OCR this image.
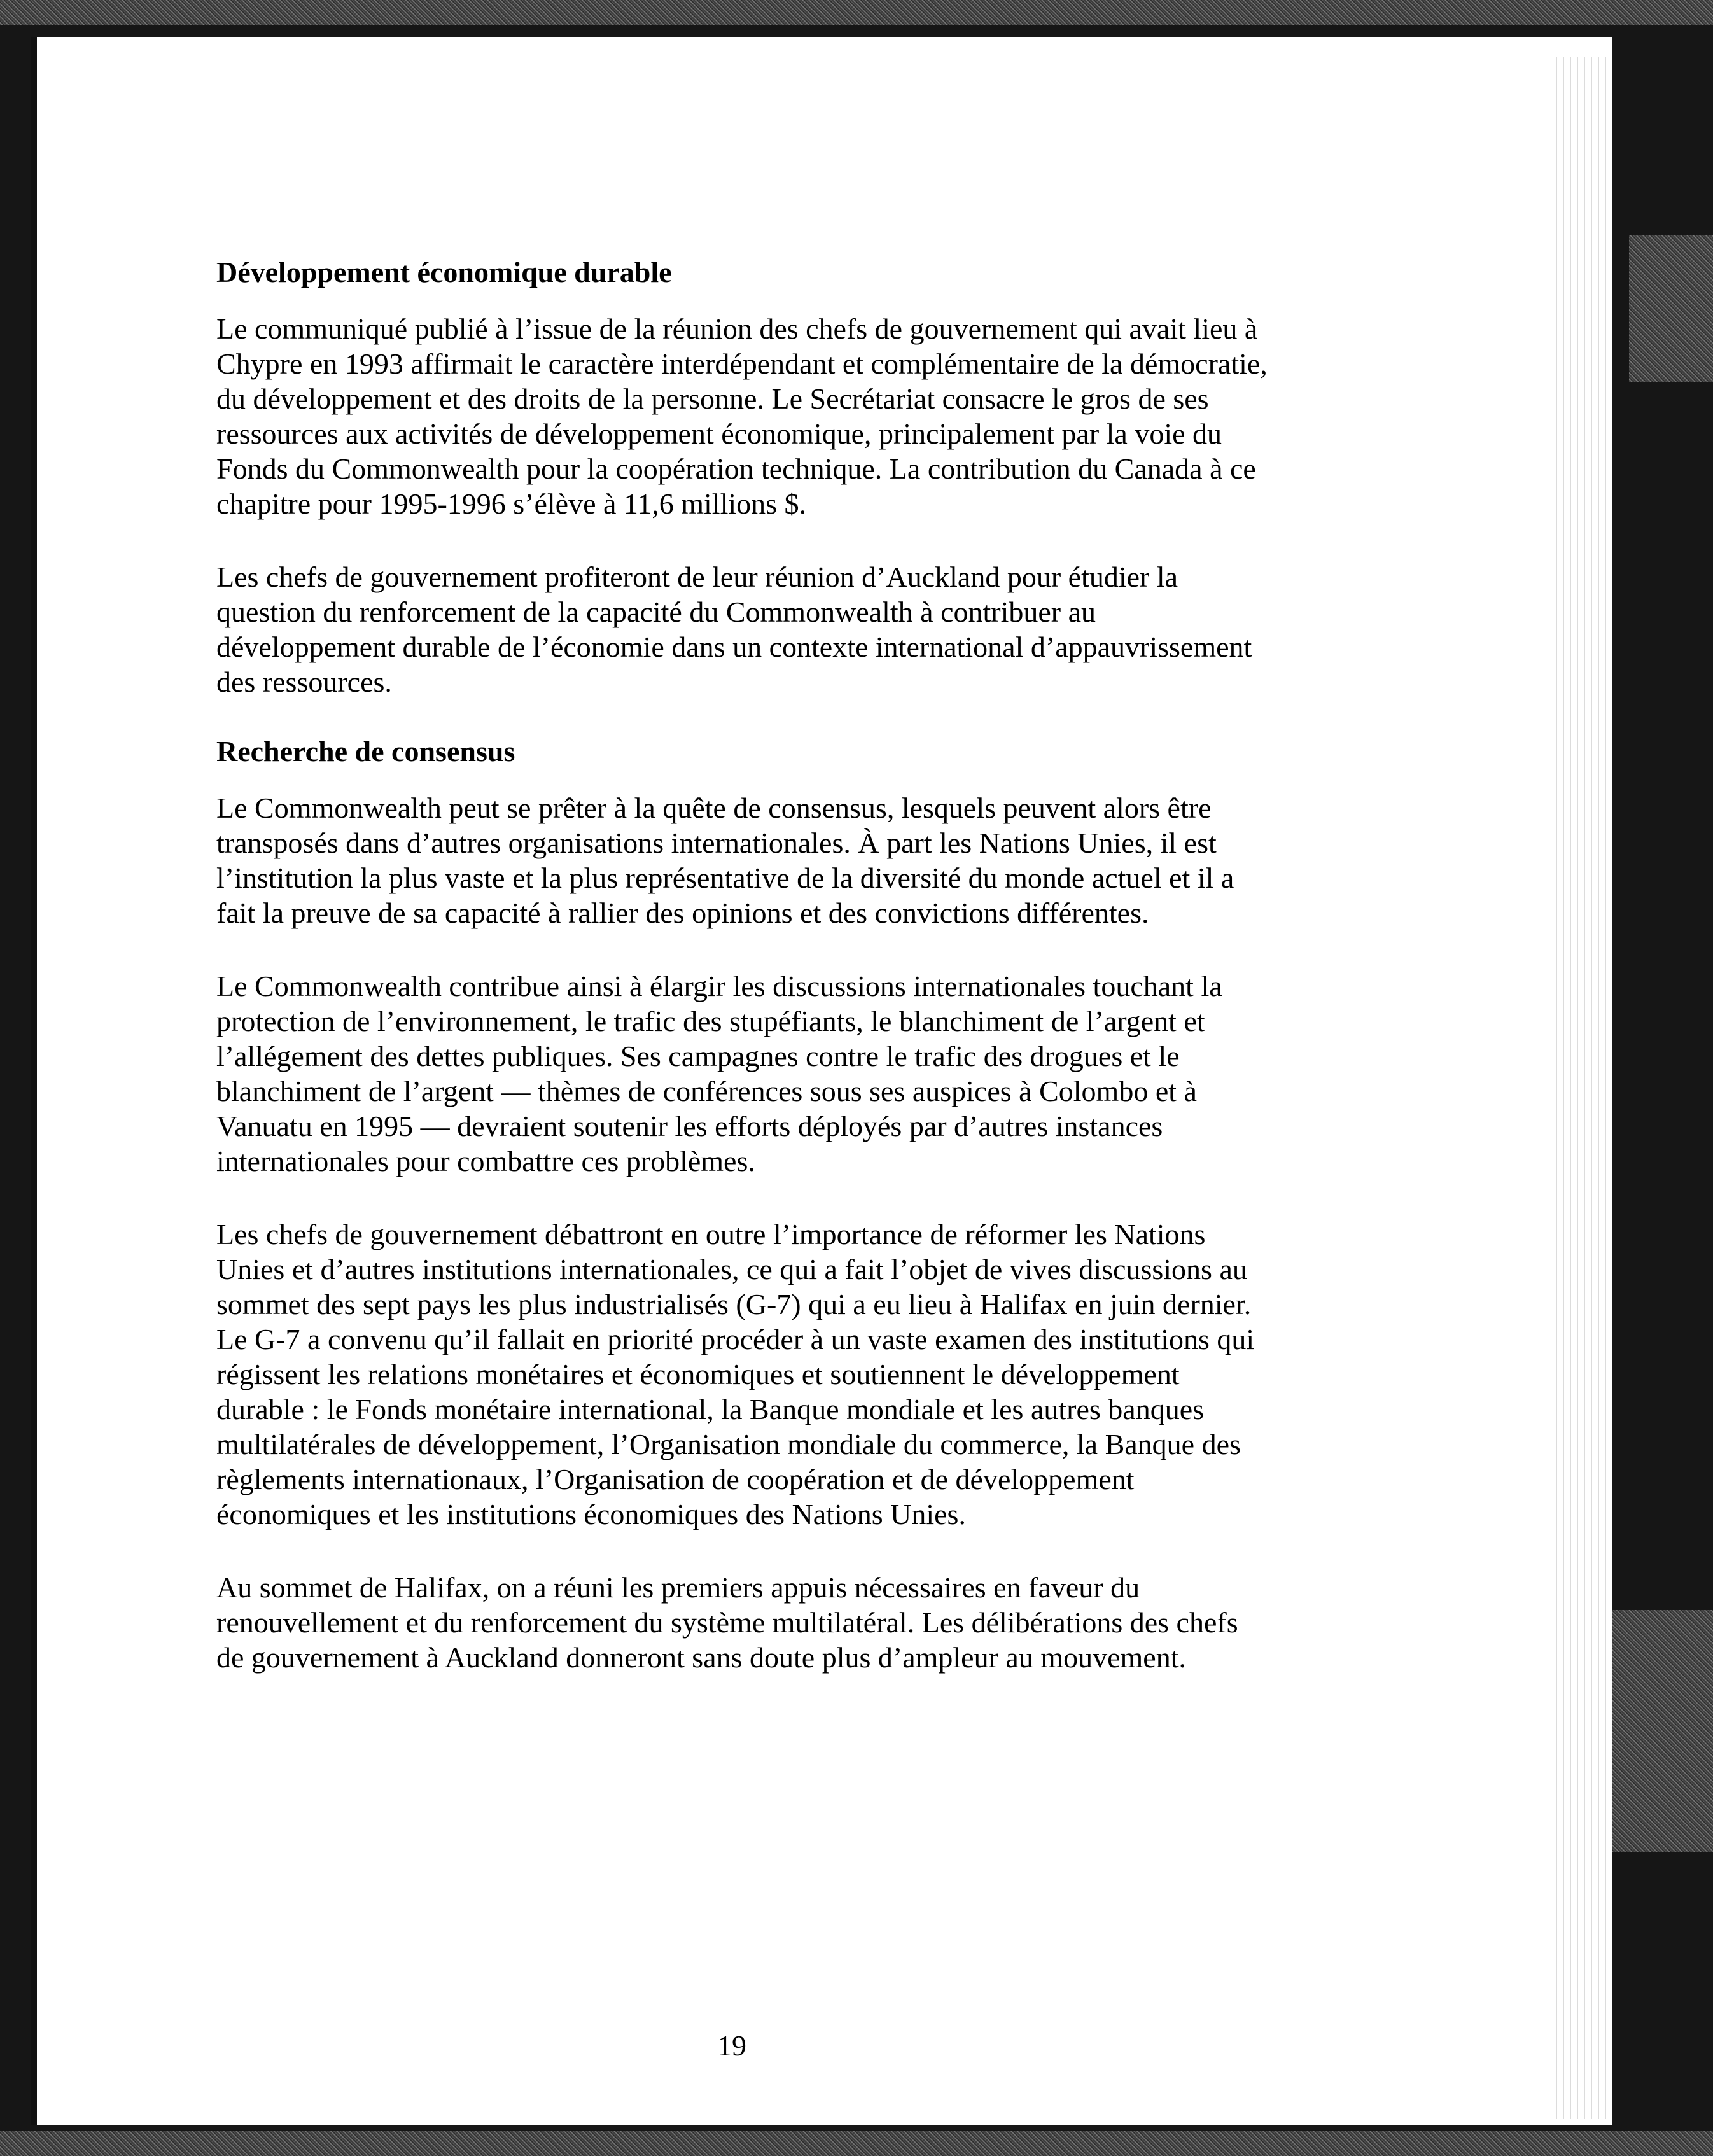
Développement économique durable

Le communiqué publié à l’issue de la réunion des chefs de gouvernement qui avait lieu à Chypre en 1993 affirmait le caractère interdépendant et complémentaire de la démocratie, du développement et des droits de la personne. Le Secrétariat consacre le gros de ses ressources aux activités de développement économique, principalement par la voie du Fonds du Commonwealth pour la coopération technique. La contribution du Canada à ce chapitre pour 1995-1996 s’élève à 11,6 millions $.

Les chefs de gouvernement profiteront de leur réunion d’Auckland pour étudier la question du renforcement de la capacité du Commonwealth à contribuer au développement durable de l’économie dans un contexte international d’appauvrissement des ressources.

Recherche de consensus

Le Commonwealth peut se prêter à la quête de consensus, lesquels peuvent alors être transposés dans d’autres organisations internationales. À part les Nations Unies, il est l’institution la plus vaste et la plus représentative de la diversité du monde actuel et il a fait la preuve de sa capacité à rallier des opinions et des convictions différentes.

Le Commonwealth contribue ainsi à élargir les discussions internationales touchant la protection de l’environnement, le trafic des stupéfiants, le blanchiment de l’argent et l’allégement des dettes publiques. Ses campagnes contre le trafic des drogues et le blanchiment de l’argent — thèmes de conférences sous ses auspices à Colombo et à Vanuatu en 1995 — devraient soutenir les efforts déployés par d’autres instances internationales pour combattre ces problèmes.

Les chefs de gouvernement débattront en outre l’importance de réformer les Nations Unies et d’autres institutions internationales, ce qui a fait l’objet de vives discussions au sommet des sept pays les plus industrialisés (G-7) qui a eu lieu à Halifax en juin dernier. Le G-7 a convenu qu’il fallait en priorité procéder à un vaste examen des institutions qui régissent les relations monétaires et économiques et soutiennent le développement durable : le Fonds monétaire international, la Banque mondiale et les autres banques multilatérales de développement, l’Organisation mondiale du commerce, la Banque des règlements internationaux, l’Organisation de coopération et de développement économiques et les institutions économiques des Nations Unies.

Au sommet de Halifax, on a réuni les premiers appuis nécessaires en faveur du renouvellement et du renforcement du système multilatéral. Les délibérations des chefs de gouvernement à Auckland donneront sans doute plus d’ampleur au mouvement.

19
